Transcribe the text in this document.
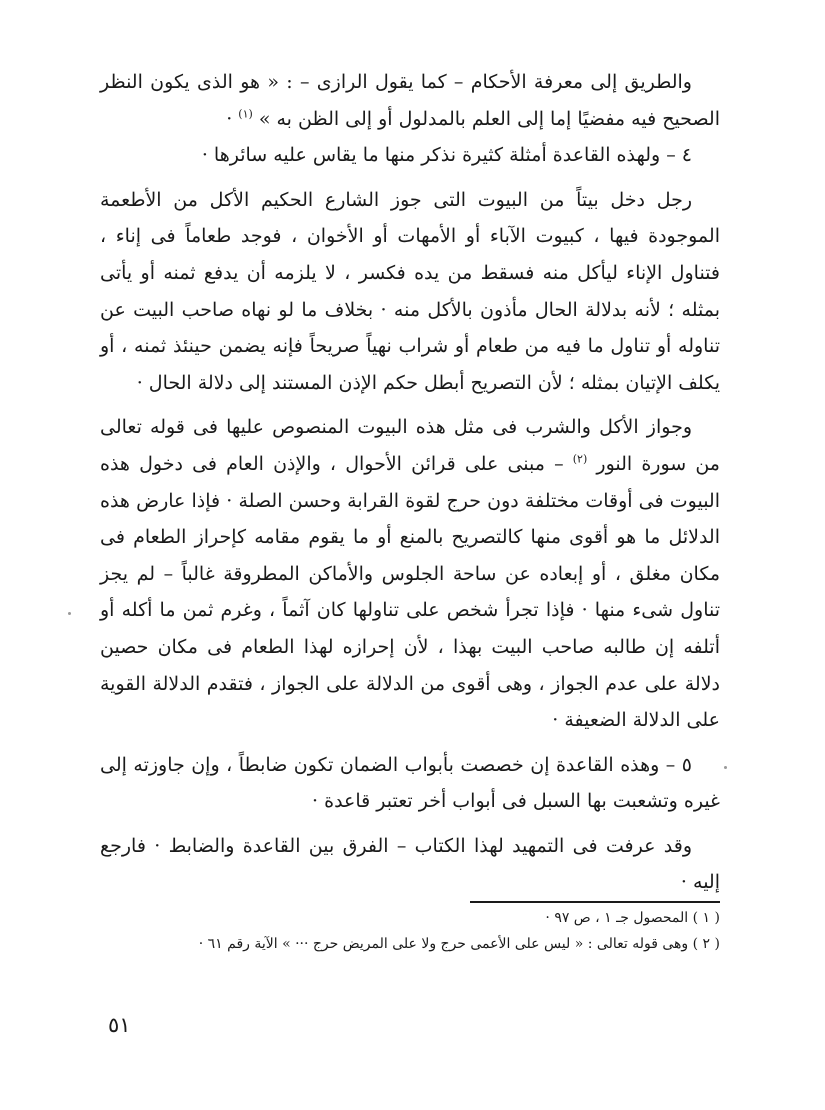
والطريق إلى معرفة الأحكام – كما يقول الرازى – : « هو الذى يكون النظر الصحيح فيه مفضيًا إما إلى العلم بالمدلول أو إلى الظن به » $^{(١)}$ ·

٤ – ولهذه القاعدة أمثلة كثيرة نذكر منها ما يقاس عليه سائرها ·

رجل دخل بيتاً من البيوت التى جوز الشارع الحكيم الأكل من الأطعمة الموجودة فيها ، كبيوت الآباء أو الأمهات أو الأخوان ، فوجد طعاماً فى إناء ، فتناول الإناء ليأكل منه فسقط من يده فكسر ، لا يلزمه أن يدفع ثمنه أو يأتى بمثله ؛ لأنه بدلالة الحال مأذون بالأكل منه · بخلاف ما لو نهاه صاحب البيت عن تناوله أو تناول ما فيه من طعام أو شراب نهياً صريحاً فإنه يضمن حينئذ ثمنه ، أو يكلف الإتيان بمثله ؛ لأن التصريح أبطل حكم الإذن المستند إلى دلالة الحال ·

وجواز الأكل والشرب فى مثل هذه البيوت المنصوص عليها فى قوله تعالى من سورة النور $^{(٢)}$ – مبنى على قرائن الأحوال ، والإذن العام فى دخول هذه البيوت فى أوقات مختلفة دون حرج لقوة القرابة وحسن الصلة · فإذا عارض هذه الدلائل ما هو أقوى منها كالتصريح بالمنع أو ما يقوم مقامه كإحراز الطعام فى مكان مغلق ، أو إبعاده عن ساحة الجلوس والأماكن المطروقة غالباً – لم يجز تناول شىء منها · فإذا تجرأ شخص على تناولها كان آثماً ، وغرم ثمن ما أكله أو أتلفه إن طالبه صاحب البيت بهذا ، لأن إحرازه لهذا الطعام فى مكان حصين دلالة على عدم الجواز ، وهى أقوى من الدلالة على الجواز ، فتقدم الدلالة القوية على الدلالة الضعيفة ·

٥ – وهذه القاعدة إن خصصت بأبواب الضمان تكون ضابطاً ، وإن جاوزته إلى غيره وتشعبت بها السبل فى أبواب أخر تعتبر قاعدة ·

وقد عرفت فى التمهيد لهذا الكتاب – الفرق بين القاعدة والضابط · فارجع إليه ·

( ١ ) المحصول جـ ١ ، ص ٩٧ ·

( ٢ ) وهى قوله تعالى : « ليس على الأعمى حرج ولا على المريض حرج ··· » الآية رقم ٦١ ·

٥١
